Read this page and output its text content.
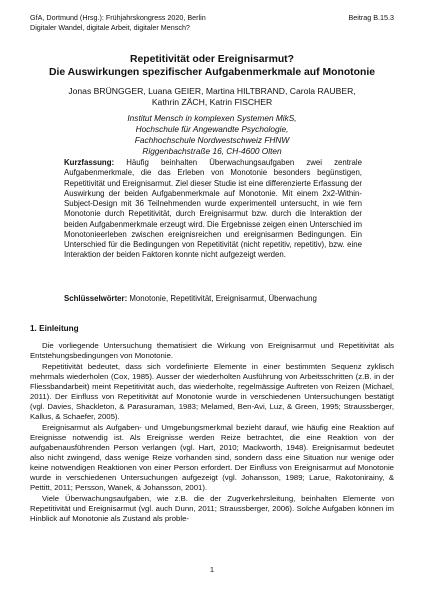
GfA, Dortmund (Hrsg.): Frühjahrskongress 2020, Berlin
Digitaler Wandel, digitale Arbeit, digitaler Mensch?
Beitrag B.15.3
Repetitivität oder Ereignisarmut?
Die Auswirkungen spezifischer Aufgabenmerkmale auf Monotonie
Jonas BRÜNGGER, Luana GEIER, Martina HILTBRAND, Carola RAUBER,
Kathrin ZÄCH, Katrin FISCHER
Institut Mensch in komplexen Systemen MikS,
Hochschule für Angewandte Psychologie,
Fachhochschule Nordwestschweiz FHNW
Riggenbachstraße 16, CH-4600 Olten
Kurzfassung: Häufig beinhalten Überwachungsaufgaben zwei zentrale Aufgabenmerkmale, die das Erleben von Monotonie besonders begünstigen, Repetitivität und Ereignisarmut. Ziel dieser Studie ist eine differenzierte Erfassung der Auswirkung der beiden Aufgabenmerkmale auf Monotonie. Mit einem 2x2-Within-Subject-Design mit 36 Teilnehmenden wurde experimentell untersucht, in wie fern Monotonie durch Repetitivität, durch Ereignisarmut bzw. durch die Interaktion der beiden Aufgabenmerkmale erzeugt wird. Die Ergebnisse zeigen einen Unterschied im Monotonieerleben zwischen ereignisreichen und ereignisarmen Bedingungen. Ein Unterschied für die Bedingungen von Repetitivität (nicht repetitiv, repetitiv), bzw. eine Interaktion der beiden Faktoren konnte nicht aufgezeigt werden.
Schlüsselwörter: Monotonie, Repetitivität, Ereignisarmut, Überwachung
1. Einleitung

Die vorliegende Untersuchung thematisiert die Wirkung von Ereignisarmut und Repetitivität als Entstehungsbedingungen von Monotonie.

Repetitivität bedeutet, dass sich vordefinierte Elemente in einer bestimmten Sequenz zyklisch mehrmals wiederholen (Cox, 1985). Ausser der wiederholten Ausführung von Arbeitsschritten (z.B. in der Fliessbandarbeit) meint Repetitivität auch, das wiederholte, regelmässige Auftreten von Reizen (Michael, 2011). Der Einfluss von Repetitivität auf Monotonie wurde in verschiedenen Untersuchungen bestätigt (vgl. Davies, Shackleton, & Parasuraman, 1983; Melamed, Ben-Avi, Luz, & Green, 1995; Straussberger, Kallus, & Schaefer, 2005).

Ereignisarmut als Aufgaben- und Umgebungsmerkmal bezieht darauf, wie häufig eine Reaktion auf Ereignisse notwendig ist. Als Ereignisse werden Reize betrachtet, die eine Reaktion von der aufgabenausführenden Person verlangen (vgl. Hart, 2010; Mackworth, 1948). Ereignisarmut bedeutet also nicht zwingend, dass wenige Reize vorhanden sind, sondern dass eine Situation nur wenige oder keine notwendigen Reaktionen von einer Person erfordert. Der Einfluss von Ereignisarmut auf Monotonie wurde in verschiedenen Untersuchungen aufgezeigt (vgl. Johansson, 1989; Larue, Rakotonirainy, & Pettitt, 2011; Persson, Wanek, & Johansson, 2001).

Viele Überwachungsaufgaben, wie z.B. die der Zugverkehrsleitung, beinhalten Elemente von Repetitivität und Ereignisarmut (vgl. auch Dunn, 2011; Straussberger, 2006). Solche Aufgaben können im Hinblick auf Monotonie als Zustand als proble-

1
